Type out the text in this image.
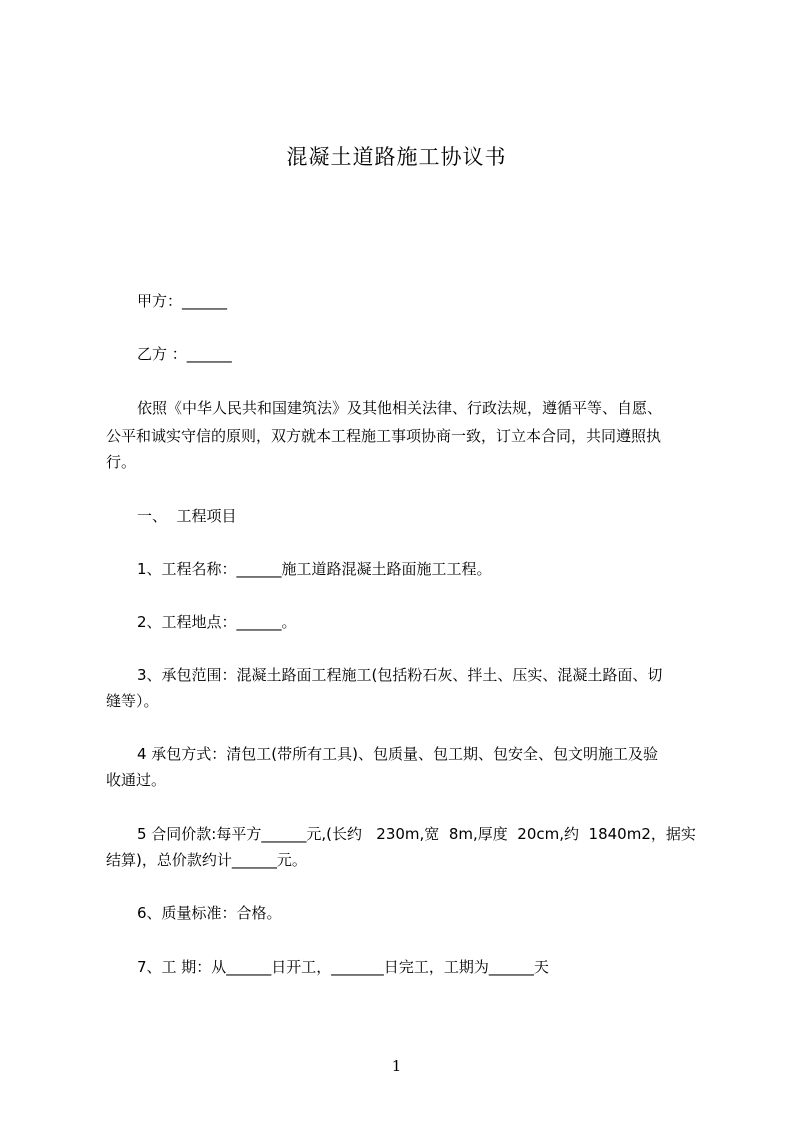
混凝土道路施工协议书
甲方：______
乙方 ：______
依照《中华人民共和国建筑法》及其他相关法律、行政法规，遵循平等、自愿、
公平和诚实守信的原则，双方就本工程施工事项协商一致，订立本合同，共同遵照执
行。
一、  工程项目
1、工程名称：______施工道路混凝土路面施工工程。
2、工程地点：______。
3、承包范围：混凝土路面工程施工(包括粉石灰、拌土、压实、混凝土路面、切
缝等）。
4 承包方式：清包工(带所有工具)、包质量、包工期、包安全、包文明施工及验
收通过。
5 合同价款:每平方______元,(长约   230m,宽  8m,厚度  20cm,约  1840m2，据实
结算)，总价款约计______元。
6、质量标准：合格。
7、工 期：从______日开工，_______日完工，工期为______天
1
